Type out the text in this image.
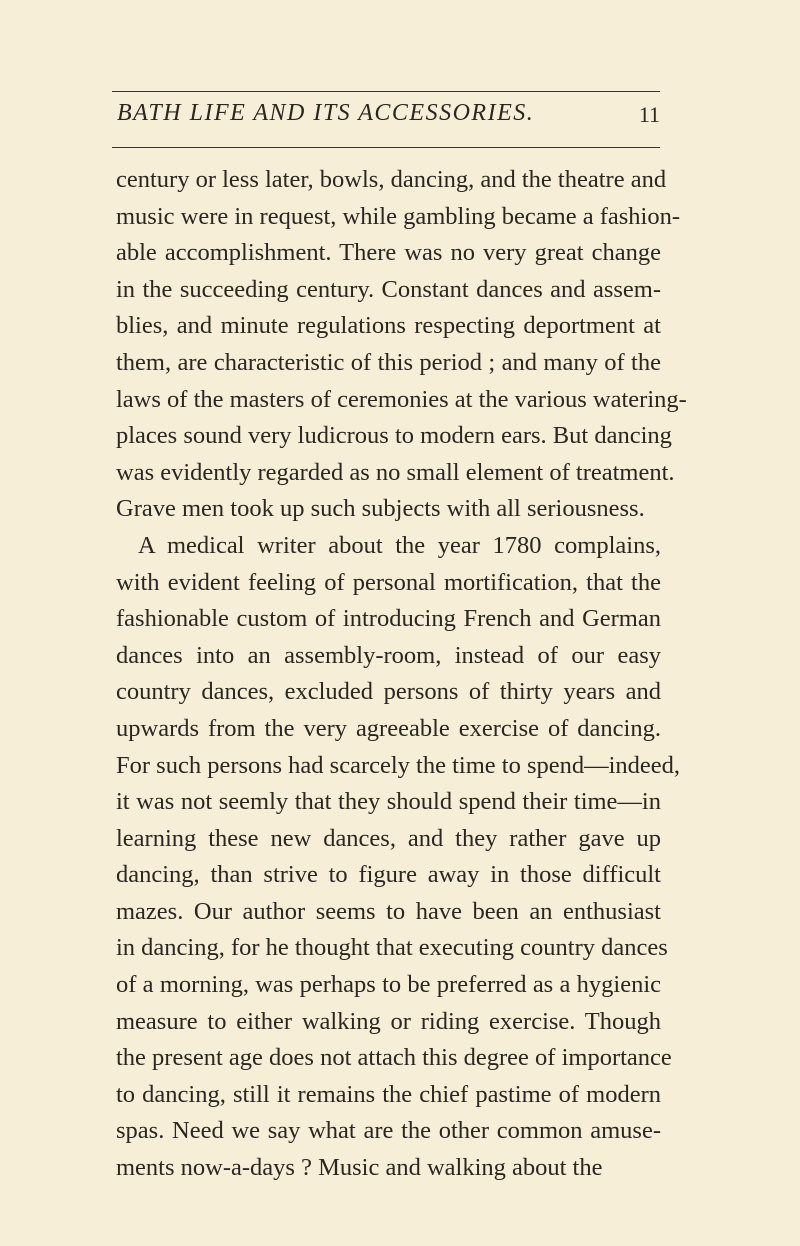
BATH LIFE AND ITS ACCESSORIES.	11
century or less later, bowls, dancing, and the theatre and
music were in request, while gambling became a fashion-
able accomplishment. There was no very great change
in the succeeding century. Constant dances and assem-
blies, and minute regulations respecting deportment at
them, are characteristic of this period ; and many of the
laws of the masters of ceremonies at the various watering-
places sound very ludicrous to modern ears. But dancing
was evidently regarded as no small element of treatment.
Grave men took up such subjects with all seriousness.
A medical writer about the year 1780 complains,
with evident feeling of personal mortification, that the
fashionable custom of introducing French and German
dances into an assembly-room, instead of our easy
country dances, excluded persons of thirty years and
upwards from the very agreeable exercise of dancing.
For such persons had scarcely the time to spend—indeed,
it was not seemly that they should spend their time—in
learning these new dances, and they rather gave up
dancing, than strive to figure away in those difficult
mazes. Our author seems to have been an enthusiast
in dancing, for he thought that executing country dances
of a morning, was perhaps to be preferred as a hygienic
measure to either walking or riding exercise. Though
the present age does not attach this degree of importance
to dancing, still it remains the chief pastime of modern
spas. Need we say what are the other common amuse-
ments now-a-days ? Music and walking about the
